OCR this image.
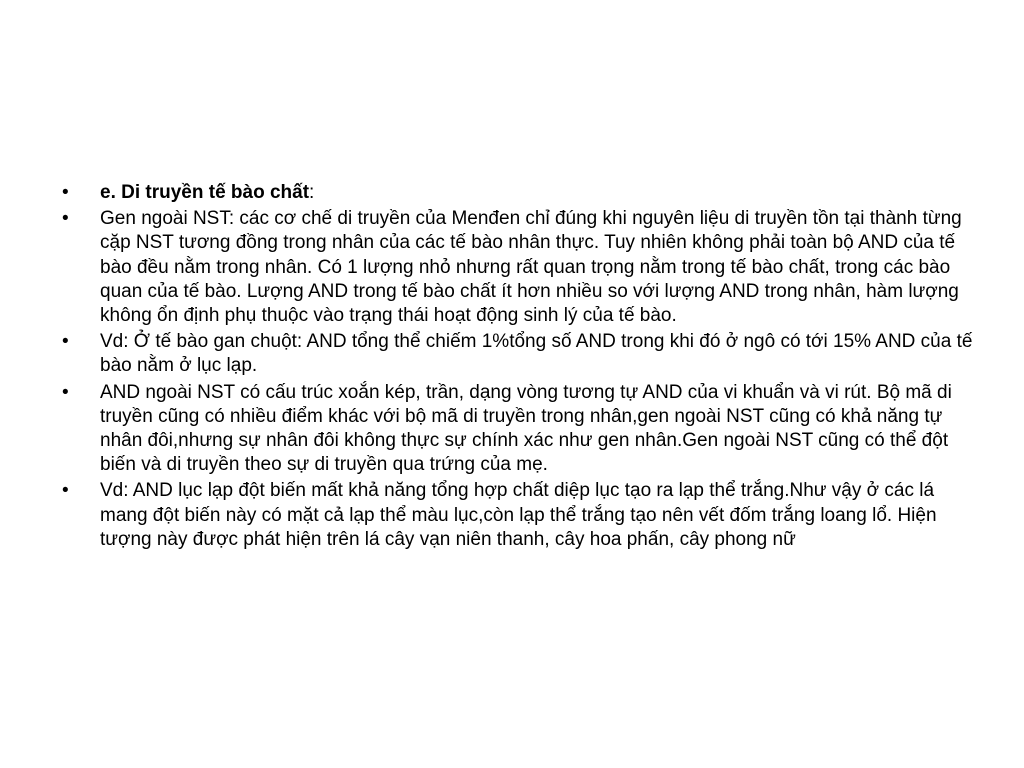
•	e. Di truyền tế bào chất:
•	Gen ngoài NST: các cơ chế di truyền của Menđen chỉ đúng khi nguyên liệu di truyền tồn tại thành từng cặp NST tương đồng trong nhân của các tế bào nhân thực. Tuy nhiên không phải toàn bộ AND của tế bào đều nằm trong nhân. Có 1 lượng nhỏ nhưng rất quan trọng nằm trong tế bào chất, trong các bào quan của tế bào. Lượng AND trong tế bào chất ít hơn nhiều so với lượng AND trong nhân, hàm lượng không ổn định phụ thuộc vào trạng thái hoạt động sinh lý của tế bào.
•	Vd: Ở tế bào gan chuột: AND tổng thể chiếm 1%tổng số AND trong khi đó ở ngô có tới 15% AND của tế bào nằm ở lục lạp.
•	AND ngoài NST có cấu trúc xoắn kép, trần, dạng vòng tương tự AND của vi khuẩn và vi rút. Bộ mã di truyền cũng có nhiều điểm khác với bộ mã di truyền trong nhân,gen ngoài NST cũng có khả năng tự nhân đôi,nhưng sự nhân đôi không thực sự chính xác như gen nhân.Gen ngoài NST cũng có thể đột biến và di truyền theo sự di truyền qua trứng của mẹ.
•	Vd: AND lục lạp đột biến mất khả năng tổng hợp chất diệp lục tạo ra lạp thể trắng.Như vậy ở các lá mang đột biến này có mặt cả lạp thể màu lục,còn lạp thể trắng tạo nên vết đốm trắng loang lổ. Hiện tượng này được phát hiện trên lá cây vạn niên thanh, cây hoa phấn, cây phong nữ
